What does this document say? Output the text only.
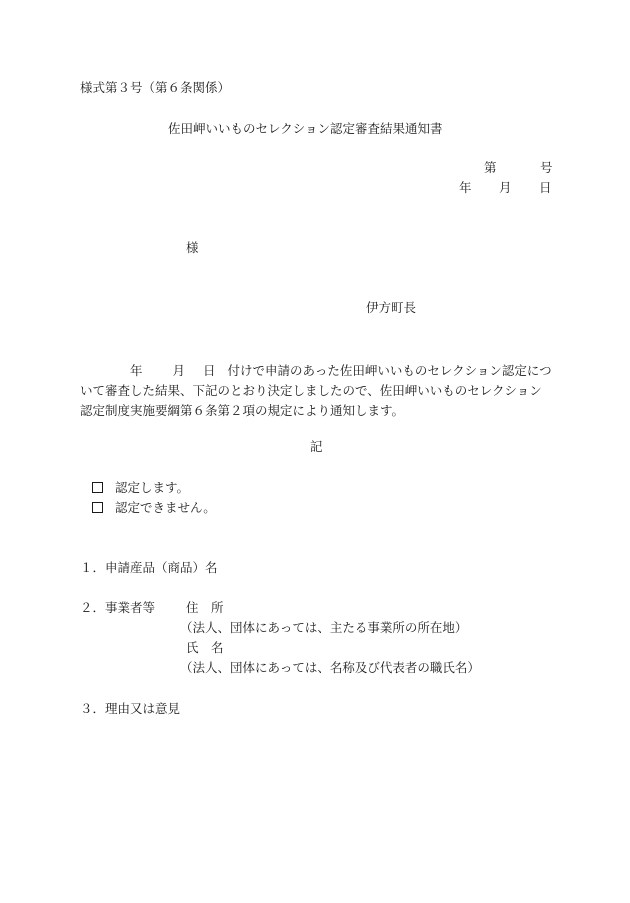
様式第３号（第６条関係）
佐田岬いいものセレクション認定審査結果通知書
第	号
年 月 日
様
伊方町長
年 月 日 付けで申請のあった佐田岬いいものセレクション認定について審査した結果、下記のとおり決定しましたので、佐田岬いいものセレクション認定制度実施要綱第６条第２項の規定により通知します。
記
認定します。
認定できません。
１．申請産品（商品）名
２．事業者等 住　所
（法人、団体にあっては、主たる事業所の所在地）
氏　名
（法人、団体にあっては、名称及び代表者の職氏名）
３．理由又は意見
